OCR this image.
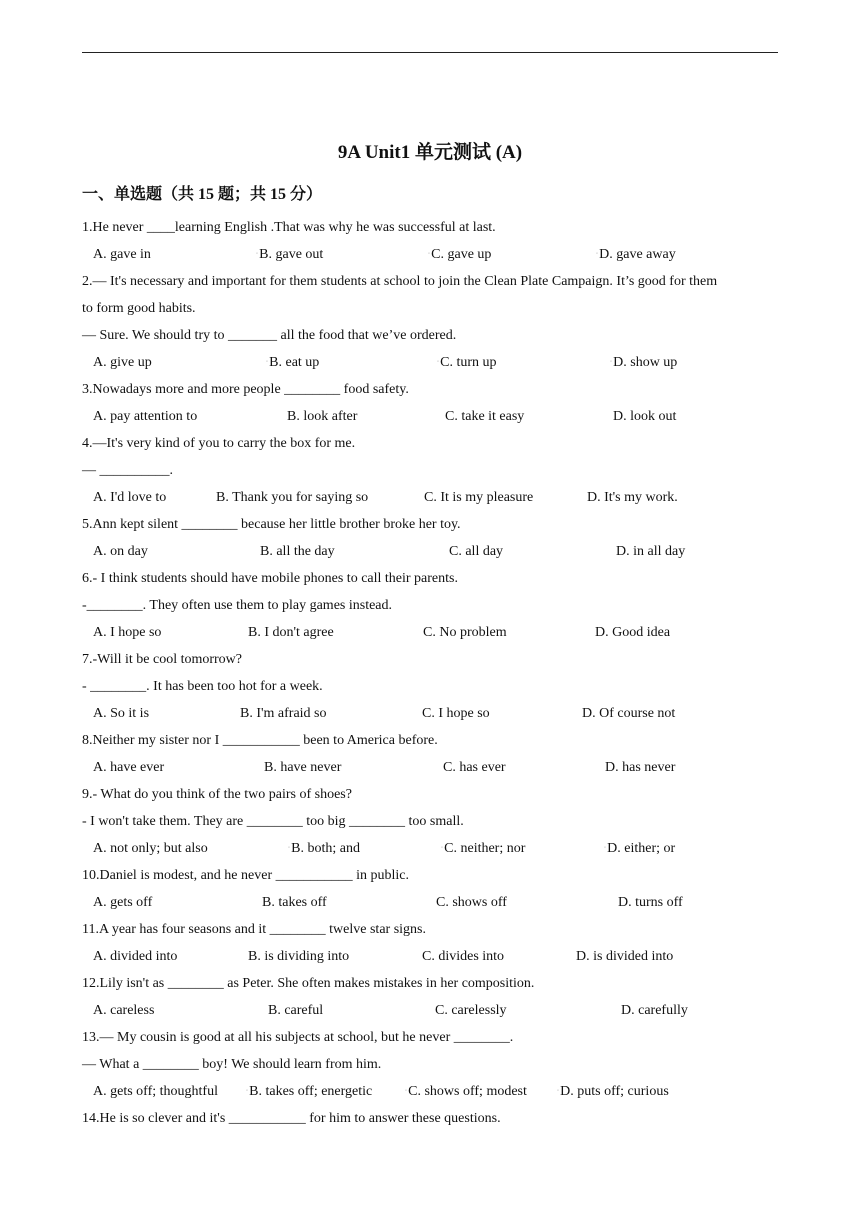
9A Unit1 单元测试 (A)
一、单选题（共 15 题；共 15 分）
1.He never ____learning English .That was why he was successful at last.
A. gave in	◦B. gave out	◦C. gave up	◦D. gave away
2.— It's necessary and important for them students at school to join the Clean Plate Campaign. It’s good for them
to form good habits.
— Sure. We should try to _______ all the food that we’ve ordered.
A. give up	◦B. eat up	◦C. turn up	◦D. show up
3.Nowadays more and more people ________ food safety.
A. pay attention to	B. look after	C. take it easy	D. look out
4.—It's very kind of you to carry the box for me.
— __________.
A. I'd love to	B. Thank you for saying so	C. It is my pleasure	D. It's my work.
5.Ann kept silent ________ because her little brother broke her toy.
A. on day	B. all the day	C. all day	D. in all day
6.- I think students should have mobile phones to call their parents.
-________. They often use them to play games instead.
A. I hope so	B. I don't agree	C. No problem	D. Good idea
7.-Will it be cool tomorrow?
- ________. It has been too hot for a week.
A. So it is	B. I'm afraid so	C. I hope so	D. Of course not
8.Neither my sister nor I ___________ been to America before.
A. have ever	B. have never	C. has ever	D. has never
9.- What do you think of the two pairs of shoes?
- I won't take them. They are ________ too big ________ too small.
A. not only; but also	◦B. both; and	◦C. neither; nor	◦D. either; or
10.Daniel is modest, and he never ___________ in public.
A. gets off	B. takes off	C. shows off	D. turns off
11.A year has four seasons and it ________ twelve star signs.
A. divided into	B. is dividing into	C. divides into	D. is divided into
12.Lily isn't as ________ as Peter. She often makes mistakes in her composition.
A. careless	B. careful	C. carelessly	D. carefully
13.— My cousin is good at all his subjects at school, but he never ________.
— What a ________ boy! We should learn from him.
A. gets off; thoughtful	◦B. takes off; energetic	◦C. shows off; modest	◦D. puts off; curious
14.He is so clever and it's ___________ for him to answer these questions.
